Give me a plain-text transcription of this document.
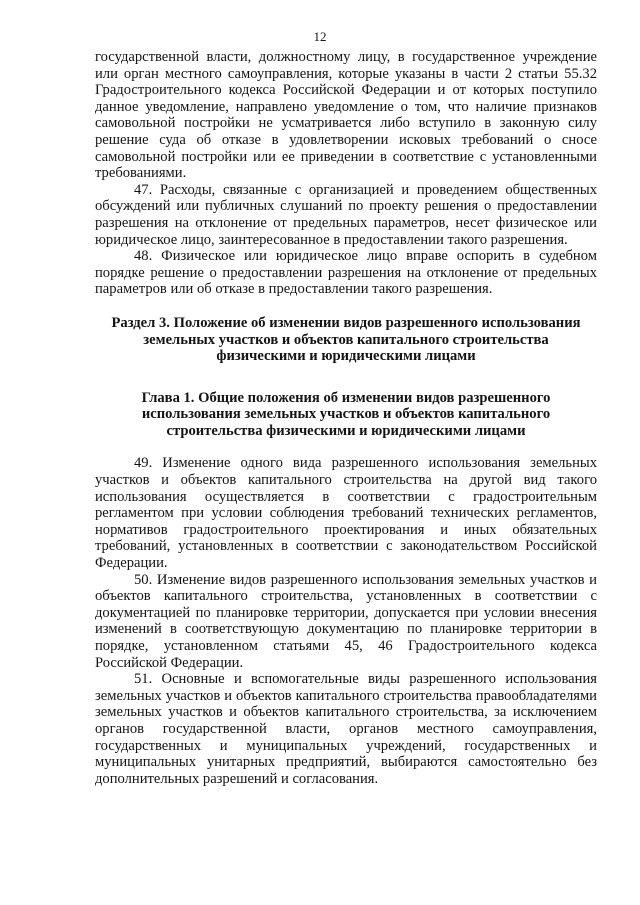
12

государственной власти, должностному лицу, в государственное учреждение или орган местного самоуправления, которые указаны в части 2 статьи 55.32 Градостроительного кодекса Российской Федерации и от которых поступило данное уведомление, направлено уведомление о том, что наличие признаков самовольной постройки не усматривается либо вступило в законную силу решение суда об отказе в удовлетворении исковых требований о сносе самовольной постройки или ее приведении в соответствие с установленными требованиями.

47. Расходы, связанные с организацией и проведением общественных обсуждений или публичных слушаний по проекту решения о предоставлении разрешения на отклонение от предельных параметров, несет физическое или юридическое лицо, заинтересованное в предоставлении такого разрешения.

48. Физическое или юридическое лицо вправе оспорить в судебном порядке решение о предоставлении разрешения на отклонение от предельных параметров или об отказе в предоставлении такого разрешения.

Раздел 3. Положение об изменении видов разрешенного использования земельных участков и объектов капитального строительства физическими и юридическими лицами
Глава 1. Общие положения об изменении видов разрешенного использования земельных участков и объектов капитального строительства физическими и юридическими лицами

49. Изменение одного вида разрешенного использования земельных участков и объектов капитального строительства на другой вид такого использования осуществляется в соответствии с градостроительным регламентом при условии соблюдения требований технических регламентов, нормативов градостроительного проектирования и иных обязательных требований, установленных в соответствии с законодательством Российской Федерации.

50. Изменение видов разрешенного использования земельных участков и объектов капитального строительства, установленных в соответствии с документацией по планировке территории, допускается при условии внесения изменений в соответствующую документацию по планировке территории в порядке, установленном статьями 45, 46 Градостроительного кодекса Российской Федерации.

51. Основные и вспомогательные виды разрешенного использования земельных участков и объектов капитального строительства правообладателями земельных участков и объектов капитального строительства, за исключением органов государственной власти, органов местного самоуправления, государственных и муниципальных учреждений, государственных и муниципальных унитарных предприятий, выбираются самостоятельно без дополнительных разрешений и согласования.
